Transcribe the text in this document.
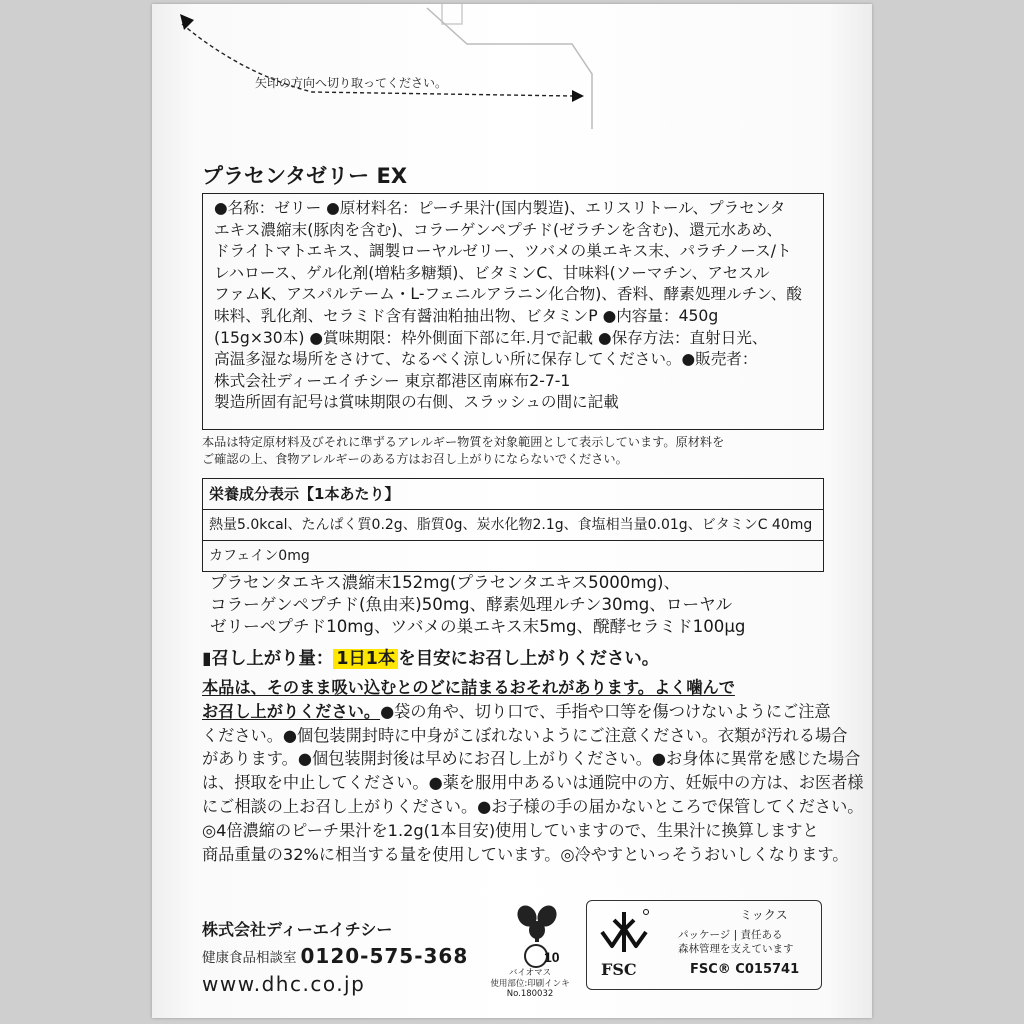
矢印の方向へ切り取ってください。
プラセンタゼリー EX
●名称：ゼリー ●原材料名：ピーチ果汁(国内製造)、エリスリトール、プラセンタ
エキス濃縮末(豚肉を含む)、コラーゲンペプチド(ゼラチンを含む)、還元水あめ、
ドライトマトエキス、調製ローヤルゼリー、ツバメの巣エキス末、パラチノース/ト
レハロース、ゲル化剤(増粘多糖類)、ビタミンC、甘味料(ソーマチン、アセスル
ファムK、アスパルテーム・L-フェニルアラニン化合物)、香料、酵素処理ルチン、酸
味料、乳化剤、セラミド含有醤油粕抽出物、ビタミンP ●内容量：450g
(15g×30本) ●賞味期限：枠外側面下部に年.月で記載 ●保存方法：直射日光、
高温多湿な場所をさけて、なるべく涼しい所に保存してください。●販売者：
株式会社ディーエイチシー 東京都港区南麻布2-7-1
製造所固有記号は賞味期限の右側、スラッシュの間に記載
本品は特定原材料及びそれに準ずるアレルギー物質を対象範囲として表示しています。原材料を
ご確認の上、食物アレルギーのある方はお召し上がりにならないでください。
栄養成分表示【1本あたり】
熱量5.0kcal、たんぱく質0.2g、脂質0g、炭水化物2.1g、食塩相当量0.01g、ビタミンC 40mg
カフェイン0mg
プラセンタエキス濃縮末152mg(プラセンタエキス5000mg)、
コラーゲンペプチド(魚由来)50mg、酵素処理ルチン30mg、ローヤル
ゼリーペプチド10mg、ツバメの巣エキス末5mg、醗酵セラミド100μg
▮召し上がり量： 1日1本 を目安にお召し上がりください。
本品は、そのまま吸い込むとのどに詰まるおそれがあります。よく噛んで
お召し上がりください。●袋の角や、切り口で、手指や口等を傷つけないようにご注意
ください。●個包装開封時に中身がこぼれないようにご注意ください。衣類が汚れる場合
があります。●個包装開封後は早めにお召し上がりください。●お身体に異常を感じた場合
は、摂取を中止してください。●薬を服用中あるいは通院中の方、妊娠中の方は、お医者様
にご相談の上お召し上がりください。●お子様の手の届かないところで保管してください。
◎4倍濃縮のピーチ果汁を1.2g(1本目安)使用していますので、生果汁に換算しますと
商品重量の32%に相当する量を使用しています。◎冷やすといっそうおいしくなります。
株式会社ディーエイチシー
健康食品相談室 0120-575-368
www.dhc.co.jp
10
バイオマス
使用部位:印刷インキ
No.180032
FSC
ミックス
パッケージ | 責任ある
森林管理を支えています
FSC® C015741
